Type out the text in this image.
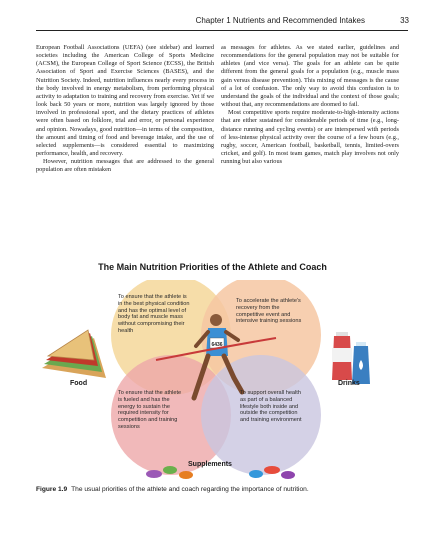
Chapter 1 Nutrients and Recommended Intakes	33

European Football Associations (UEFA) (see sidebar) and learned societies including the American College of Sports Medicine (ACSM), the European College of Sport Science (ECSS), the British Association of Sport and Exercise Sciences (BASES), and the Nutrition Society. Indeed, nutrition influences nearly every process in the body involved in energy metabolism, from performing physical activity to adaptation to training and recovery from exercise. Yet if we look back 50 years or more, nutrition was largely ignored by those involved in professional sport, and the dietary practices of athletes were often based on folklore, trial and error, or personal experience and opinion. Nowadays, good nutrition—in terms of the composition, the amount and timing of food and beverage intake, and the use of selected supplements—is considered essential to maximizing performance, health, and recovery.

However, nutrition messages that are addressed to the general population are often mistaken

as messages for athletes. As we stated earlier, guidelines and recommendations for the general population may not be suitable for athletes (and vice versa). The goals for an athlete can be quite different from the general goals for a population (e.g., muscle mass gain versus disease prevention). This mixing of messages is the cause of a lot of confusion. The only way to avoid this confusion is to understand the goals of the individual and the context of those goals; without that, any recommendations are doomed to fail.

Most competitive sports require moderate-to-high-intensity actions that are either sustained for considerable periods of time (e.g., long-distance running and cycling events) or are interspersed with periods of less-intense physical activity over the course of a few hours (e.g., rugby, soccer, American football, basketball, tennis, limited-overs cricket, and golf). In most team games, match play involves not only running but also various

The Main Nutrition Priorities of the Athlete and Coach
6436
To ensure that the athlete is in the best physical condition and has the optimal level of body fat and muscle mass without compromising their health
To accelerate the athlete's recovery from the competitive event and intensive training sessions
To ensure that the athlete is fueled and has the energy to sustain the required intensity for competition and training sessions
To support overall health as part of a balanced lifestyle both inside and outside the competition and training environment
Food	Drinks
Supplements
Figure 1.9 The usual priorities of the athlete and coach regarding the importance of nutrition.
